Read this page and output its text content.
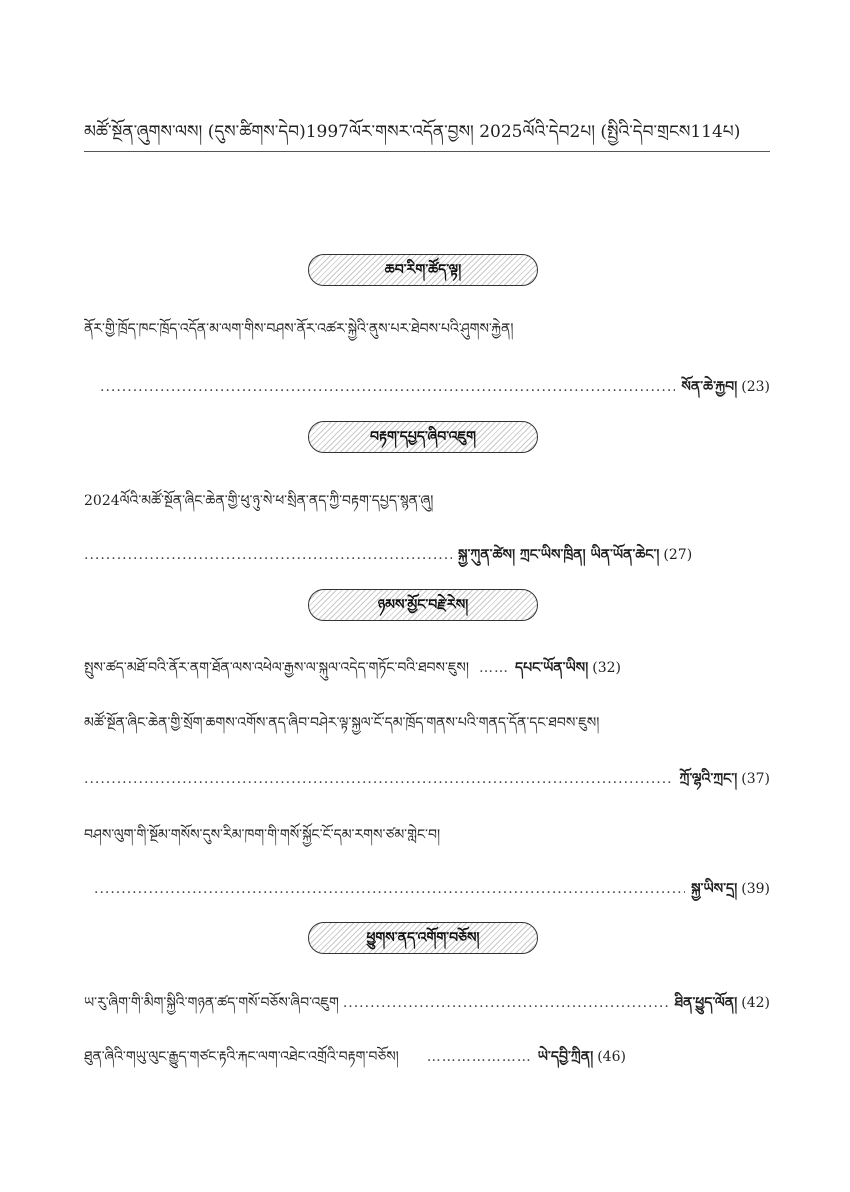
མཚོ་སྔོན་ཞུགས་ལས། (དུས་ཚིགས་དེབ)1997ལོར་གསར་འདོན་བྱས། 2025ལོའི་དེབ2པ། (སྤྱིའི་དེབ་གྲངས114པ)
ཆབ་རིག་ཚོད་ལྟ།
ནོར་གྱི་ཁྲོད་ཁང་ཁྲོད་འདོན་མ་ལག་གིས་བཤས་ནོར་འཚར་སྐྱེའི་ནུས་པར་ཐེབས་པའི་ཤུགས་རྐྱེན།
.....
སོན་ཆེ་རྐྱབ། (23)
བརྟག་དཔྱད་ཞིབ་འཇུག
2024ལོའི་མཚོ་སྔོན་ཞིང་ཆེན་གྱི་ཕུ་ཉུ་སེ་ཕ་སྲིན་ནད་ཀྱི་བརྟག་དཔྱད་སྙན་ཞུ།
.....
སྐྱ་ཀུན་ཚེས། ཀྲང་ཡིས་ཁྲིན། ཡིན་ཡོན་ཆེང་། (27)
ཉམས་མྱོང་བརྗེ་རེས།
སྤུས་ཚད་མཐོ་བའི་ནོར་ནག་ཐོན་ལས་འཕེལ་རྒྱས་ལ་སྐུལ་འདེད་གཏོང་བའི་ཐབས་ཇུས། …… དཔང་ཡོན་ཡིས། (32)
མཚོ་སྔོན་ཞིང་ཆེན་གྱི་སྲོག་ཆགས་འགོས་ནད་ཞིབ་བཤེར་ལྟ་སྐྱལ་ངོ་དམ་ཁྲོད་གནས་པའི་གནད་དོན་དང་ཐབས་ཇུས།
.....
ཀྲོ་ལྷའི་ཀྲང་། (37)
བཤས་ལུག་གི་སྔོམ་གསོས་དུས་རིམ་ཁག་གི་གསོ་སྐྱོང་ངོ་དམ་རགས་ཙམ་གླེང་བ།
.....
སྐྱ་ཡིས་དྲ། (39)
ཕྱུགས་ནད་འགོག་བཅོས།
ཡ་རུ་ཞིག་གི་མིག་སྐྱིའི་གཉན་ཚད་གསོ་བཅོས་ཞིབ་འཇུག
.....	ཐིན་ཕྱུད་ལོན། (42)
ཐུན་ཞིའི་གཡུ་ལུང་རྒྱུད་གཙང་རྟའི་རྐང་ལག་འཐེང་འགྲོའི་བརྟག་བཅོས། ………………… ཡེ་དབྱི་ཀྲིན། (46)
